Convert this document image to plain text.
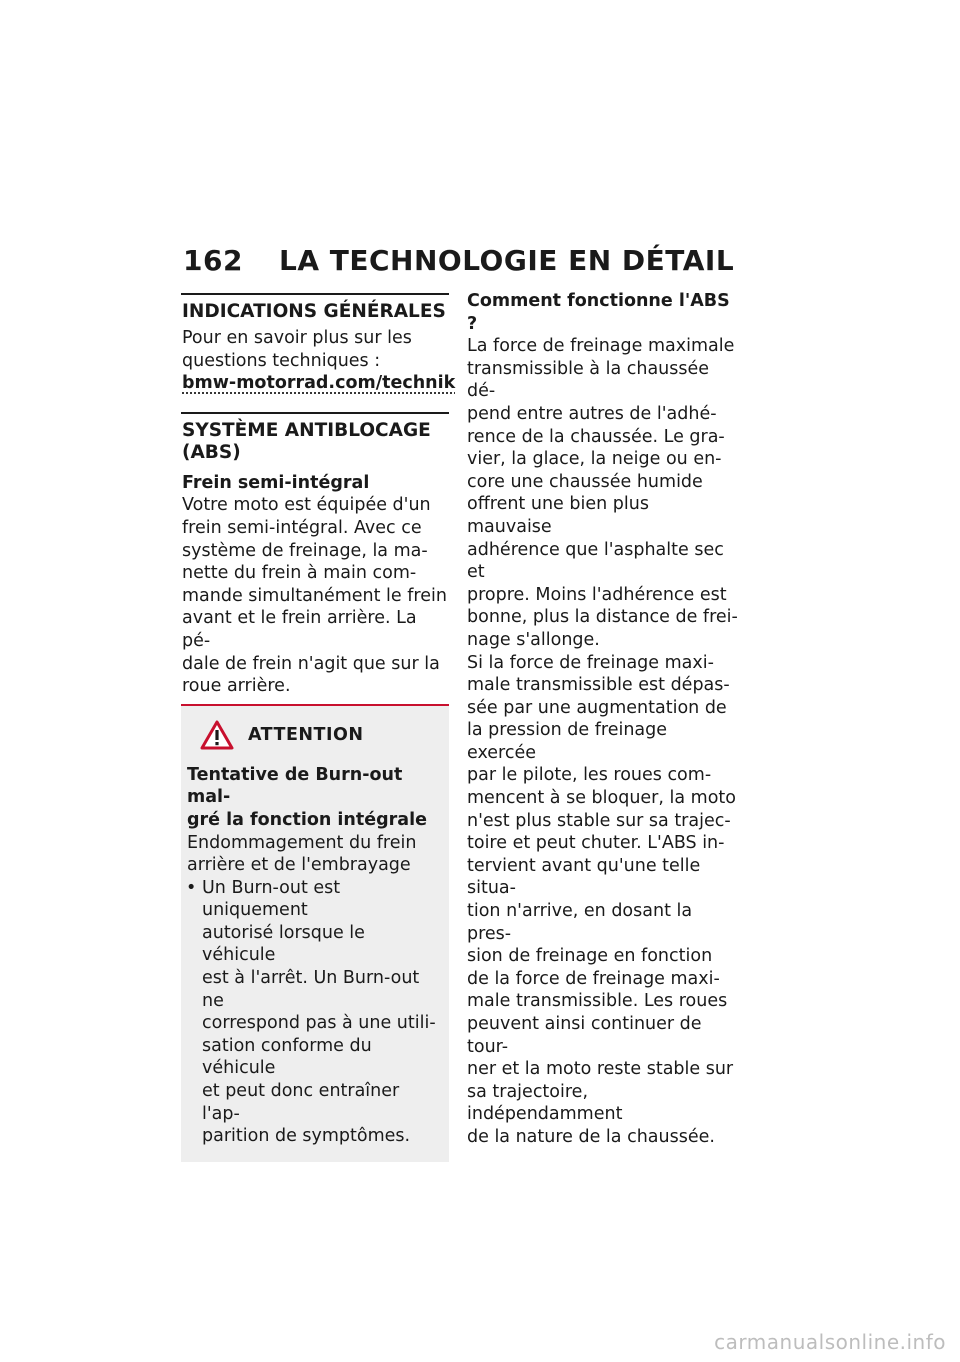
162 LA TECHNOLOGIE EN DÉTAIL
INDICATIONS GÉNÉRALES
Pour en savoir plus sur les
questions techniques :
bmw-motorrad.com/technik
SYSTÈME ANTIBLOCAGE
(ABS)
Frein semi-intégral
Votre moto est équipée d'un
frein semi-intégral. Avec ce
système de freinage, la ma-
nette du frein à main com-
mande simultanément le frein
avant et le frein arrière. La pé-
dale de frein n'agit que sur la
roue arrière.
ATTENTION
Tentative de Burn-out mal-
gré la fonction intégrale
Endommagement du frein
arrière et de l'embrayage
• Un Burn-out est uniquement
autorisé lorsque le véhicule
est à l'arrêt. Un Burn-out ne
correspond pas à une utili-
sation conforme du véhicule
et peut donc entraîner l'ap-
parition de symptômes.
Comment fonctionne l'ABS ?
La force de freinage maximale
transmissible à la chaussée dé-
pend entre autres de l'adhé-
rence de la chaussée. Le gra-
vier, la glace, la neige ou en-
core une chaussée humide
offrent une bien plus mauvaise
adhérence que l'asphalte sec et
propre. Moins l'adhérence est
bonne, plus la distance de frei-
nage s'allonge.
Si la force de freinage maxi-
male transmissible est dépas-
sée par une augmentation de
la pression de freinage exercée
par le pilote, les roues com-
mencent à se bloquer, la moto
n'est plus stable sur sa trajec-
toire et peut chuter. L'ABS in-
tervient avant qu'une telle situa-
tion n'arrive, en dosant la pres-
sion de freinage en fonction
de la force de freinage maxi-
male transmissible. Les roues
peuvent ainsi continuer de tour-
ner et la moto reste stable sur
sa trajectoire, indépendamment
de la nature de la chaussée.
carmanualsonline.info
